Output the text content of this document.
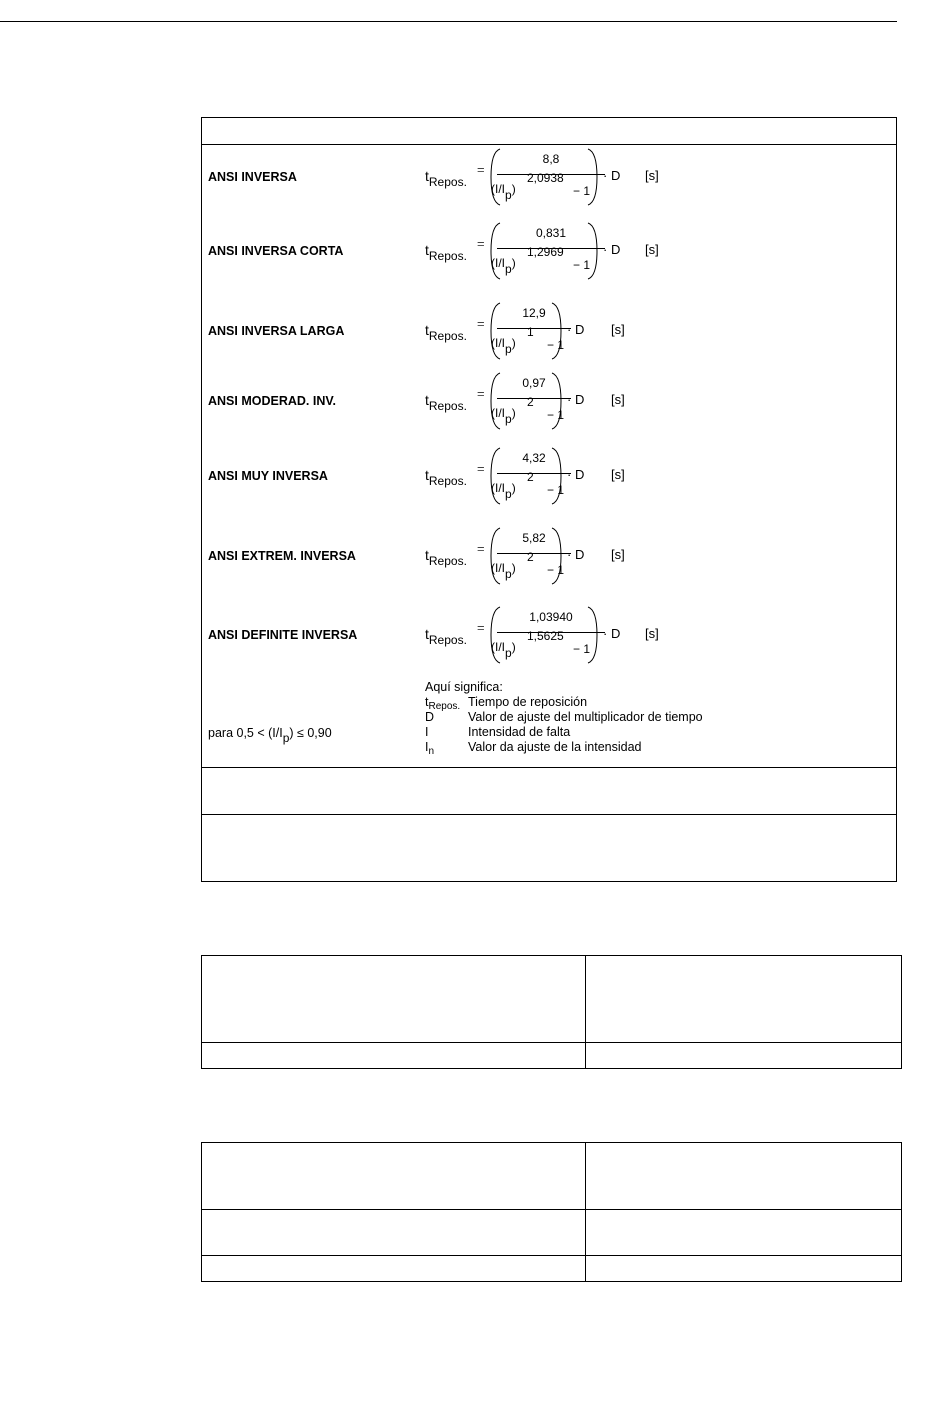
ANSI INVERSA	tRepos.
=
8,8
(I/Ip)
2,0938
− 1
· D [s]
ANSI INVERSA CORTA	tRepos.
=
0,831
(I/Ip)
1,2969
− 1
· D [s]
ANSI INVERSA LARGA	tRepos.
=
12,9
(I/Ip)
1
− 1
· D [s]
ANSI MODERAD. INV.	tRepos.
=
0,97
(I/Ip)
2
− 1
· D [s]
ANSI MUY INVERSA	tRepos.
=
4,32
(I/Ip)
2
− 1
· D [s]
ANSI EXTREM. INVERSA	tRepos.
=
5,82
(I/Ip)
2
− 1
· D [s]
ANSI DEFINITE INVERSA	tRepos.
=
1,03940
(I/Ip)
1,5625
− 1
· D [s]
Aquí significa:
$t_{Repos.}$ Tiempo de reposición
D	Valor de ajuste del multiplicador de tiempo
I	Intensidad de falta
$I_n$	Valor da ajuste de la intensidad
para 0,5 < (I/Ip) ≤ 0,90
